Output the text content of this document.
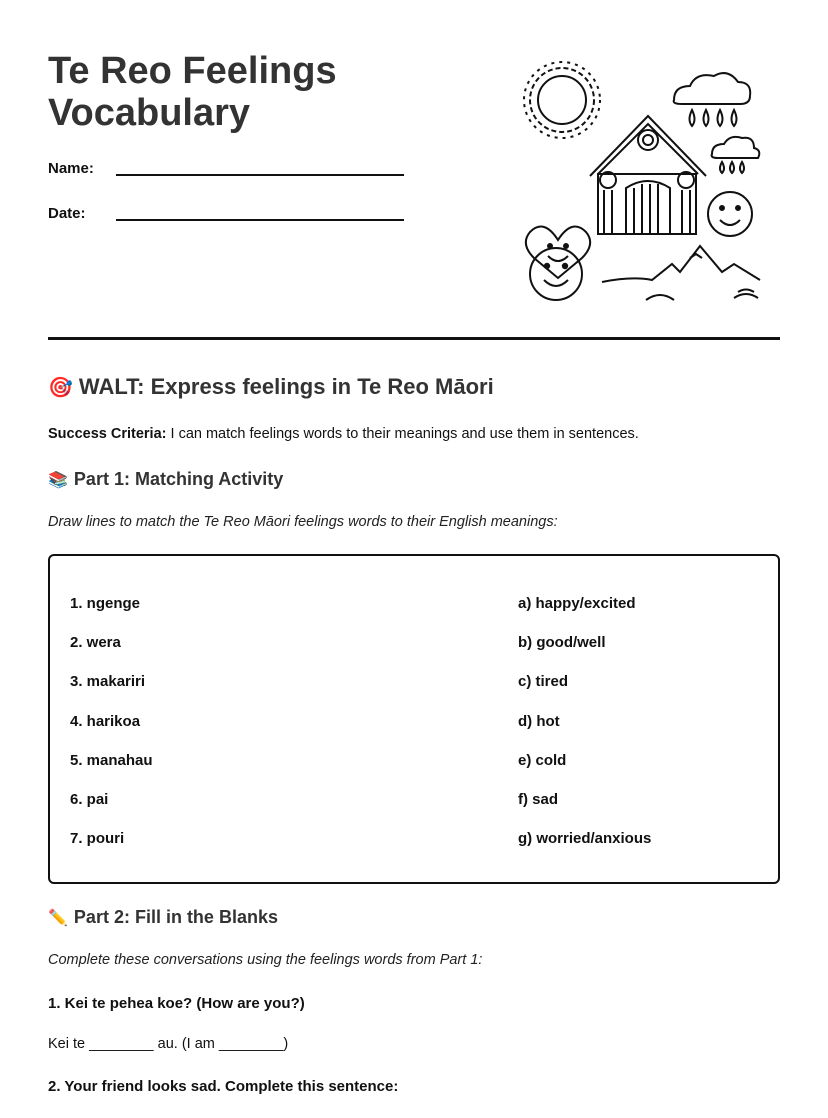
Te Reo Feelings Vocabulary
Name:
Date:
🎯 WALT: Express feelings in Te Reo Māori
Success Criteria: I can match feelings words to their meanings and use them in sentences.
📚 Part 1: Matching Activity
Draw lines to match the Te Reo Māori feelings words to their English meanings:
1. ngenge
2. wera
3. makariri
4. harikoa
5. manahau
6. pai
7. pouri
a) happy/excited
b) good/well
c) tired
d) hot
e) cold
f) sad
g) worried/anxious
✏️ Part 2: Fill in the Blanks
Complete these conversations using the feelings words from Part 1:
1. Kei te pehea koe? (How are you?)
Kei te ________ au. (I am ________)
2. Your friend looks sad. Complete this sentence:
